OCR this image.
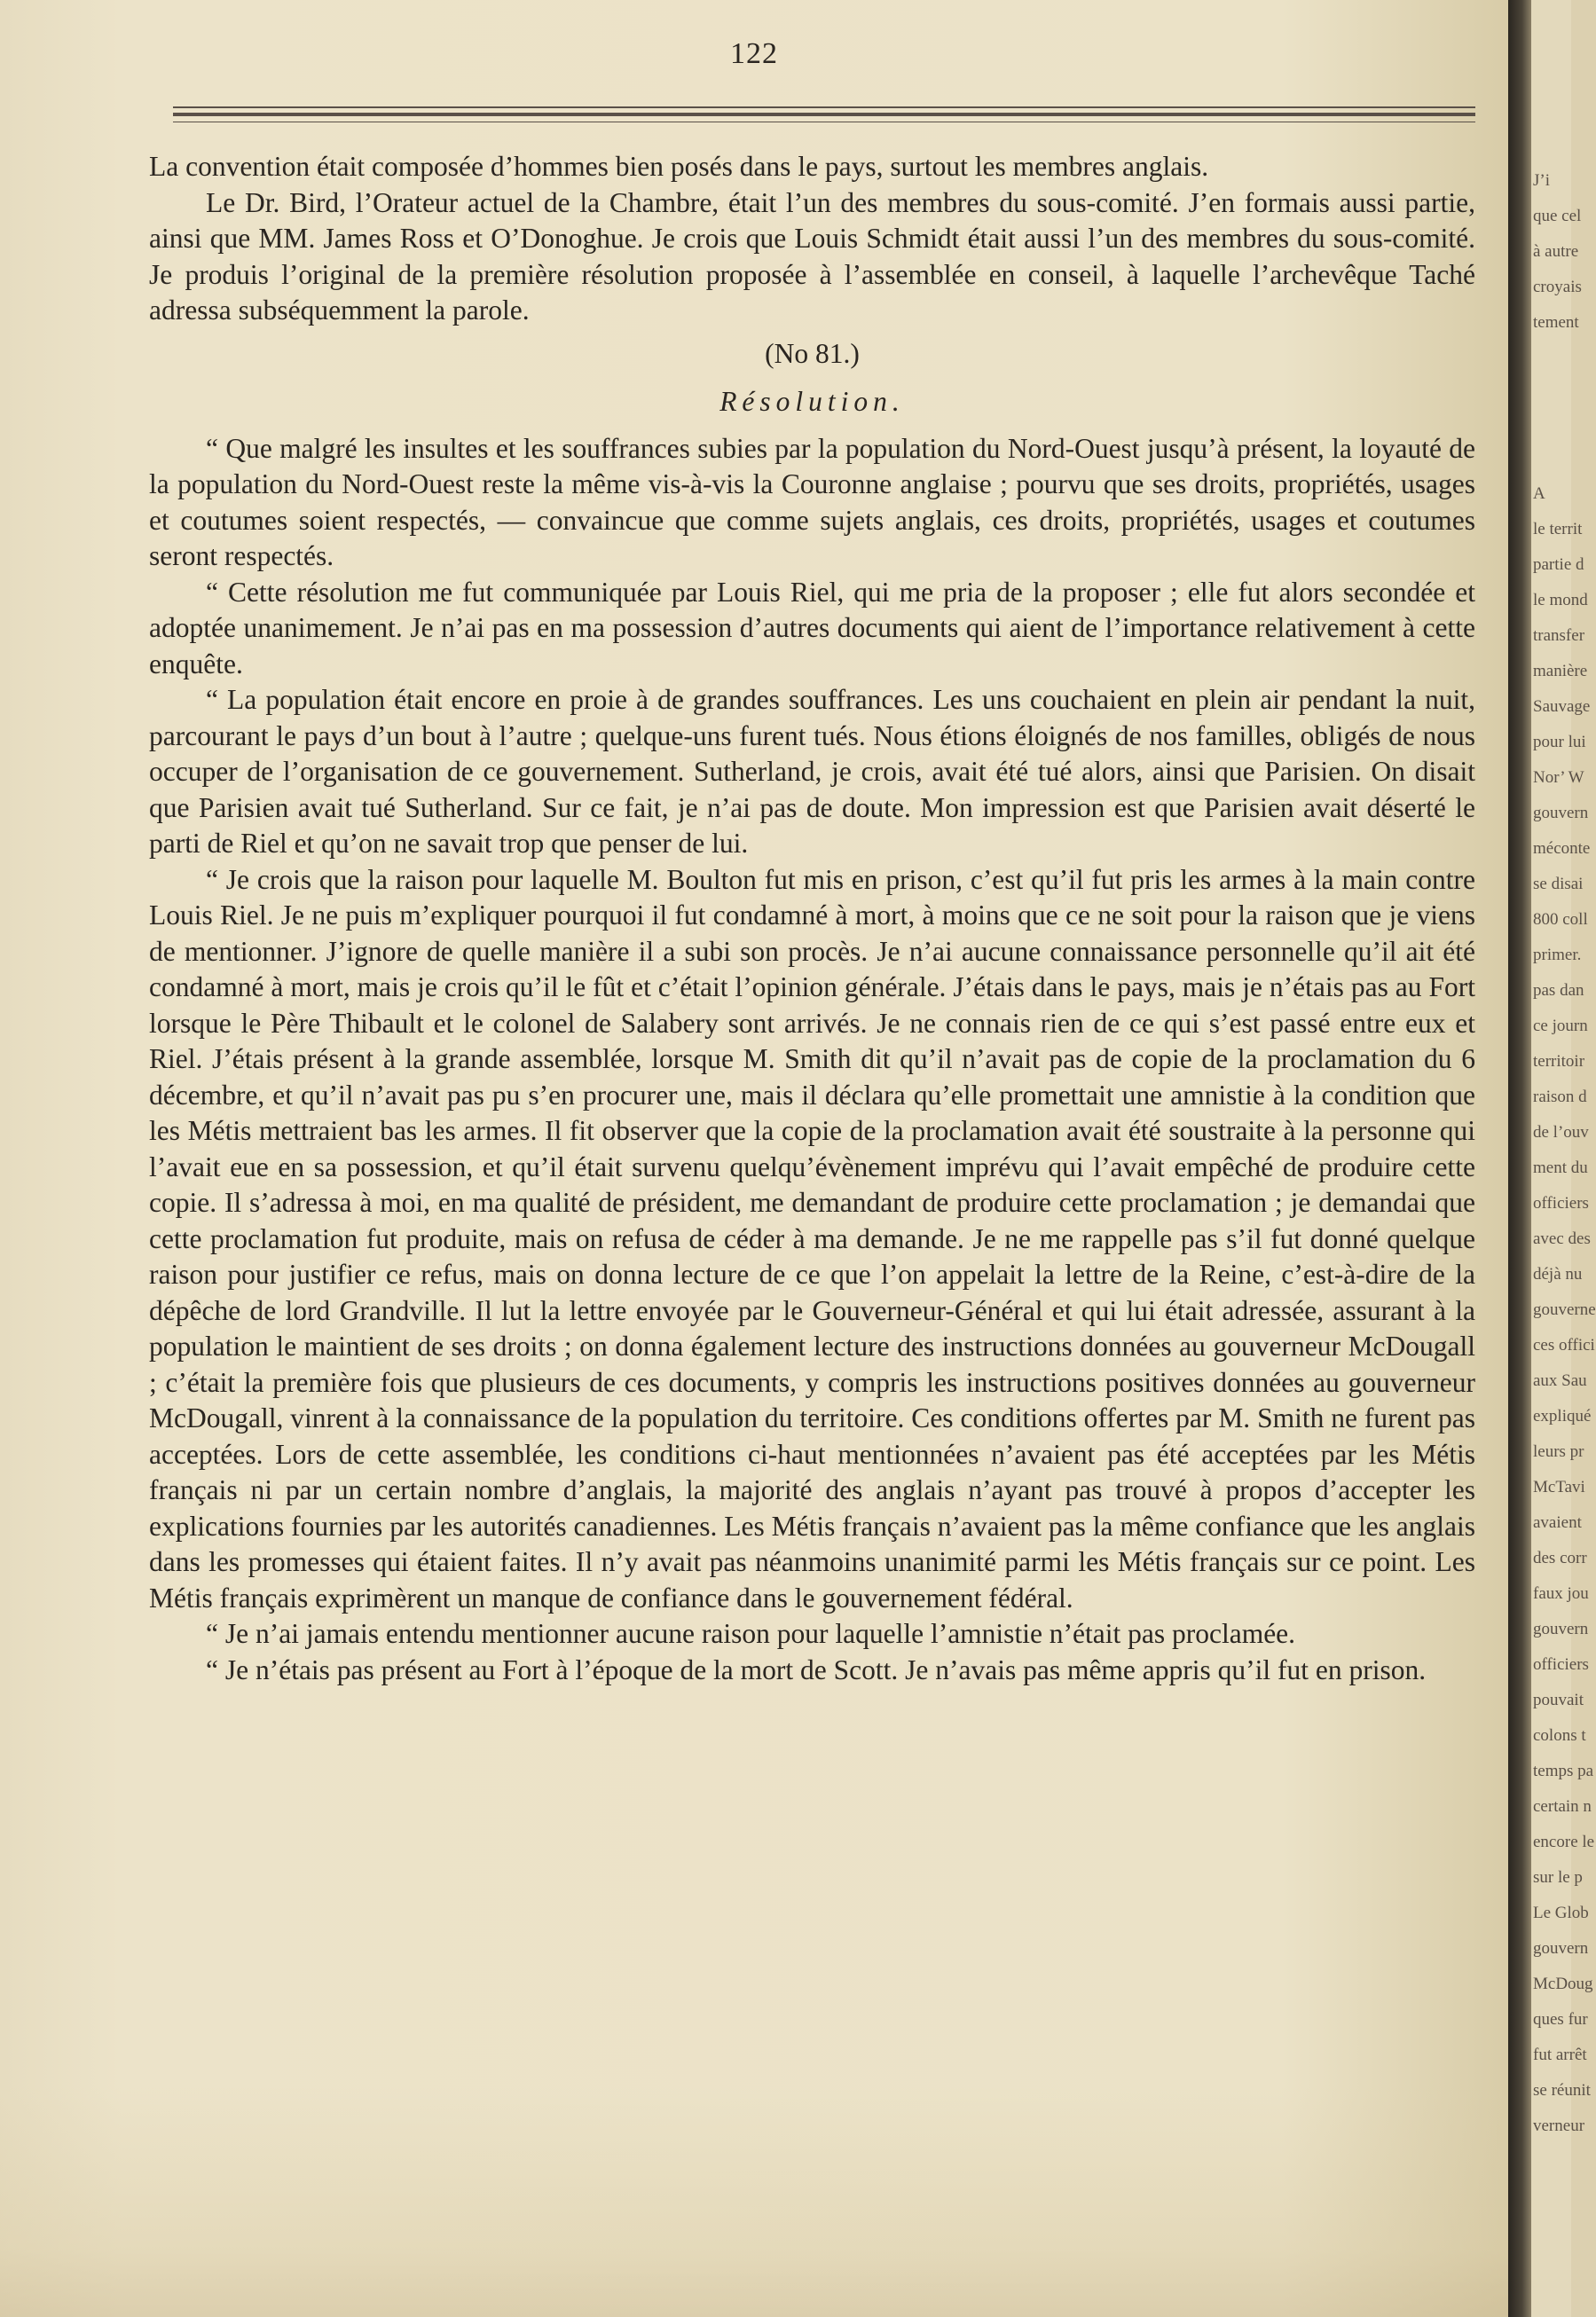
122

La convention était composée d’hommes bien posés dans le pays, surtout les membres anglais.

Le Dr. Bird, l’Orateur actuel de la Chambre, était l’un des membres du sous-comité. J’en formais aussi partie, ainsi que MM. James Ross et O’Donoghue. Je crois que Louis Schmidt était aussi l’un des membres du sous-comité. Je produis l’original de la première résolution proposée à l’assemblée en conseil, à laquelle l’archevêque Taché adressa subséquemment la parole.

(No 81.)

Résolution.

“ Que malgré les insultes et les souffrances subies par la population du Nord-Ouest jusqu’à présent, la loyauté de la population du Nord-Ouest reste la même vis-à-vis la Couronne anglaise ; pourvu que ses droits, propriétés, usages et coutumes soient respectés, — convaincue que comme sujets anglais, ces droits, propriétés, usages et coutumes seront respectés.

“ Cette résolution me fut communiquée par Louis Riel, qui me pria de la proposer ; elle fut alors secondée et adoptée unanimement. Je n’ai pas en ma possession d’autres documents qui aient de l’importance relativement à cette enquête.

“ La population était encore en proie à de grandes souffrances. Les uns couchaient en plein air pendant la nuit, parcourant le pays d’un bout à l’autre ; quelque-uns furent tués. Nous étions éloignés de nos familles, obligés de nous occuper de l’organisation de ce gouvernement. Sutherland, je crois, avait été tué alors, ainsi que Parisien. On disait que Parisien avait tué Sutherland. Sur ce fait, je n’ai pas de doute. Mon impression est que Parisien avait déserté le parti de Riel et qu’on ne savait trop que penser de lui.

“ Je crois que la raison pour laquelle M. Boulton fut mis en prison, c’est qu’il fut pris les armes à la main contre Louis Riel. Je ne puis m’expliquer pourquoi il fut condamné à mort, à moins que ce ne soit pour la raison que je viens de mentionner. J’ignore de quelle manière il a subi son procès. Je n’ai aucune connaissance personnelle qu’il ait été condamné à mort, mais je crois qu’il le fût et c’était l’opinion générale. J’étais dans le pays, mais je n’étais pas au Fort lorsque le Père Thibault et le colonel de Salabery sont arrivés. Je ne connais rien de ce qui s’est passé entre eux et Riel. J’étais présent à la grande assemblée, lorsque M. Smith dit qu’il n’avait pas de copie de la proclamation du 6 décembre, et qu’il n’avait pas pu s’en procurer une, mais il déclara qu’elle promettait une amnistie à la condition que les Métis mettraient bas les armes. Il fit observer que la copie de la proclamation avait été soustraite à la personne qui l’avait eue en sa possession, et qu’il était survenu quelqu’évènement imprévu qui l’avait empêché de produire cette copie. Il s’adressa à moi, en ma qualité de président, me demandant de produire cette proclamation ; je demandai que cette proclamation fut produite, mais on refusa de céder à ma demande. Je ne me rappelle pas s’il fut donné quelque raison pour justifier ce refus, mais on donna lecture de ce que l’on appelait la lettre de la Reine, c’est-à-dire de la dépêche de lord Grandville. Il lut la lettre envoyée par le Gouverneur-Général et qui lui était adressée, assurant à la population le maintient de ses droits ; on donna également lecture des instructions données au gouverneur McDougall ; c’était la première fois que plusieurs de ces documents, y compris les instructions positives données au gouverneur McDougall, vinrent à la connaissance de la population du territoire. Ces conditions offertes par M. Smith ne furent pas acceptées. Lors de cette assemblée, les conditions ci-haut mentionnées n’avaient pas été acceptées par les Métis français ni par un certain nombre d’anglais, la majorité des anglais n’ayant pas trouvé à propos d’accepter les explications fournies par les autorités canadiennes. Les Métis français n’avaient pas la même confiance que les anglais dans les promesses qui étaient faites. Il n’y avait pas néanmoins unanimité parmi les Métis français sur ce point. Les Métis français exprimèrent un manque de confiance dans le gouvernement fédéral.

“ Je n’ai jamais entendu mentionner aucune raison pour laquelle l’amnistie n’était pas proclamée.

“ Je n’étais pas présent au Fort à l’époque de la mort de Scott. Je n’avais pas même appris qu’il fut en prison.

J’i
que cel
à autre
croyais
tement
A
le territ
partie d
le mond
transfer
manière
Sauvage
pour lui
Nor’ W
gouvern
méconte
se disai
800 coll
primer.
pas dan
ce journ
territoir
raison d
de l’ouv
ment du
officiers
avec des
déjà nu
gouverne
ces offici
aux Sau
expliqué
leurs pr
McTavi
avaient
des corr
faux jou
gouvern
officiers
pouvait
colons t
temps pa
certain n
encore le
sur le p
Le Glob
gouvern
McDoug
ques fur
fut arrêt
se réunit
verneur
